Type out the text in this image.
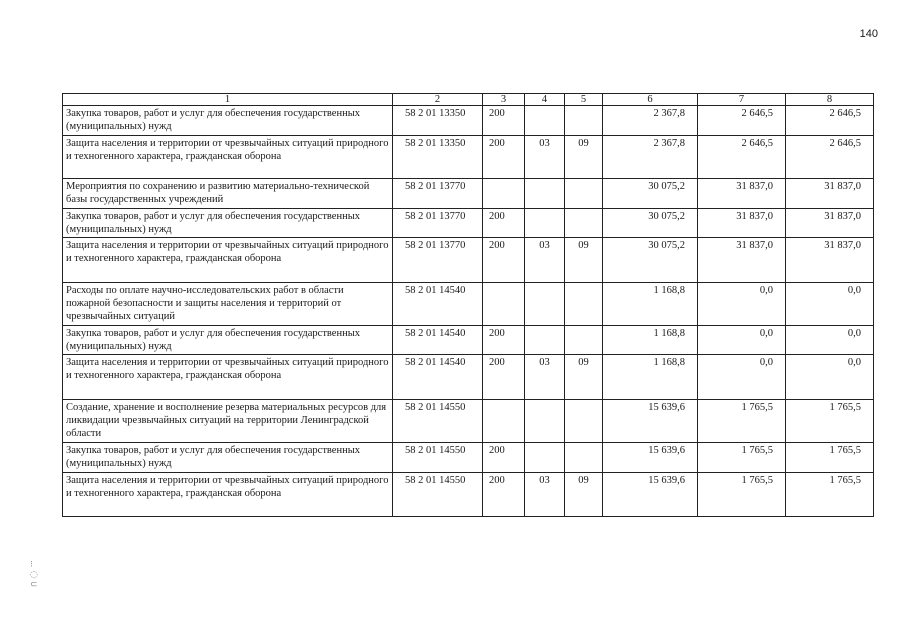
140
1	2	3	4	5	6	7	8
Закупка товаров, работ и услуг для обеспечения государственных (муниципальных) нужд	58 2 01 13350	200			2 367,8	2 646,5	2 646,5
Защита населения и территории от чрезвычайных ситуаций природного и техногенного характера, гражданская оборона	58 2 01 13350	200	03	09	2 367,8	2 646,5	2 646,5
Мероприятия по сохранению и развитию материально-технической базы государственных учреждений	58 2 01 13770				30 075,2	31 837,0	31 837,0
Закупка товаров, работ и услуг для обеспечения государственных (муниципальных) нужд	58 2 01 13770	200			30 075,2	31 837,0	31 837,0
Защита населения и территории от чрезвычайных ситуаций природного и техногенного характера, гражданская оборона	58 2 01 13770	200	03	09	30 075,2	31 837,0	31 837,0
Расходы по оплате научно-исследовательских работ в области пожарной безопасности и защиты населения и территорий от чрезвычайных ситуаций	58 2 01 14540				1 168,8	0,0	0,0
Закупка товаров, работ и услуг для обеспечения государственных (муниципальных) нужд	58 2 01 14540	200			1 168,8	0,0	0,0
Защита населения и территории от чрезвычайных ситуаций природного и техногенного характера, гражданская оборона	58 2 01 14540	200	03	09	1 168,8	0,0	0,0
Создание, хранение и восполнение резерва материальных ресурсов для ликвидации чрезвычайных ситуаций на территории Ленинградской области	58 2 01 14550				15 639,6	1 765,5	1 765,5
Закупка товаров, работ и услуг для обеспечения государственных (муниципальных) нужд	58 2 01 14550	200			15 639,6	1 765,5	1 765,5
Защита населения и территории от чрезвычайных ситуаций природного и техногенного характера, гражданская оборона	58 2 01 14550	200	03	09	15 639,6	1 765,5	1 765,5
⁝
◌
⊂
